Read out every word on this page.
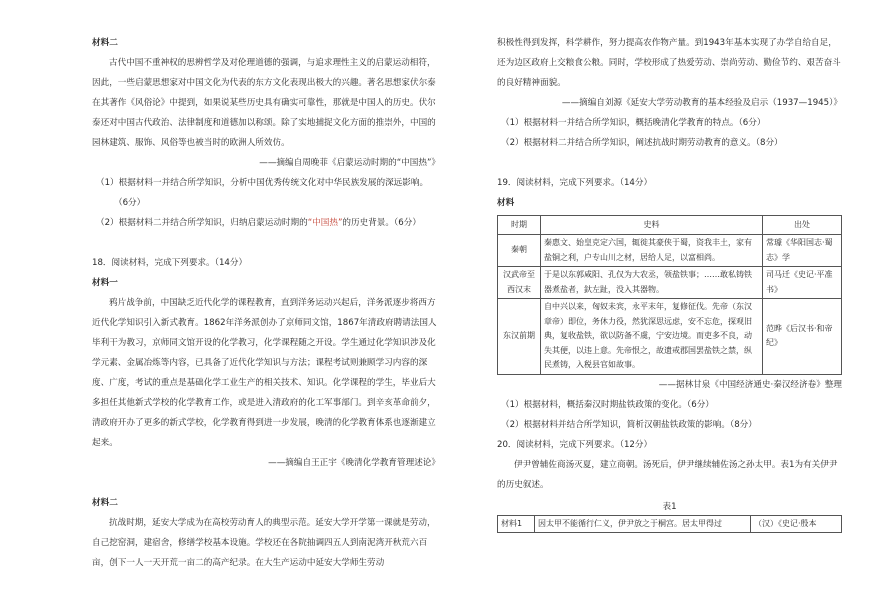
材料二

古代中国不重神权的思辨哲学及对伦理道德的强调，与追求理性主义的启蒙运动相符，因此，一些启蒙思想家对中国文化为代表的东方文化表现出极大的兴趣。著名思想家伏尔泰在其著作《风俗论》中提到，如果说某些历史具有确实可靠性，那就是中国人的历史。伏尔泰还对中国古代政治、法律制度和道德加以称颂。除了实地捕捉文化方面的推崇外，中国的园林建筑、服饰、风俗等也被当时的欧洲人所效仿。

——摘编自周晚菲《启蒙运动时期的“中国热”》

（1）根据材料一并结合所学知识，分析中国优秀传统文化对中华民族发展的深远影响。

（6分）

（2）根据材料二并结合所学知识，归纳启蒙运动时期的“中国热”的历史背景。（6分）

18．阅读材料，完成下列要求。（14分）

材料一

鸦片战争前，中国缺乏近代化学的课程教育，直到洋务运动兴起后，洋务派逐步将西方近代化学知识引入新式教育。1862年洋务派创办了京师同文馆，1867年清政府聘请法国人毕利干为教习，京师同文馆开设的化学教习，化学课程随之开设。学生通过化学知识涉及化学元素、金属冶炼等内容，已具备了近代化学知识与方法；课程考试则兼顾学习内容的深度、广度，考试的重点是基础化学工业生产的相关技术、知识。化学课程的学生，毕业后大多担任其他新式学校的化学教育工作，或是进入清政府的化工军事部门。到辛亥革命前夕，清政府开办了更多的新式学校，化学教育得到进一步发展，晚清的化学教育体系也逐渐建立起来。

——摘编自王正宇《晚清化学教育管理述论》

材料二

抗战时期，延安大学成为在高校劳动育人的典型示范。延安大学开学第一课就是劳动，自己挖窑洞，建宿舍，修缮学校基本设施。学校还在各院抽调四五人到南泥湾开秋荒六百亩，创下一人一天开荒一亩二的高产纪录。在大生产运动中延安大学师生劳动

积极性得到发挥，科学耕作，努力提高农作物产量。到1943年基本实现了办学自给自足，还为边区政府上交粮食公粮。同时，学校形成了热爱劳动、崇尚劳动、勤俭节约、艰苦奋斗的良好精神面貌。

——摘编自刘源《延安大学劳动教育的基本经验及启示（1937—1945）》

（1）根据材料一并结合所学知识，概括晚清化学教育的特点。（6分）

（2）根据材料二并结合所学知识，阐述抗战时期劳动教育的意义。（8分）

19．阅读材料，完成下列要求。（14分）

材料

时期	史料	出处
秦朝	秦惠文、始皇克定六国，辄徙其豪侠于蜀，资我丰土，家有盐铜之利，户专山川之材，居给人足，以富相尚。	常璩《华阳国志·蜀志》学
汉武帝至西汉末	于是以东郭咸阳、孔仅为大农丞，领盐铁事；……敢私铸铁器煮盐者，釱左趾，没入其器物。	司马迁《史记·平准书》
东汉前期	自中兴以来，匈奴未宾，永平末年，复修征伐。先帝（东汉章帝）即位，务休力役，然犹深思远虑，安不忘危，探观旧典，复收盐铁，欲以防备不虞，宁安边境。而吏多不良，动失其便，以违上意。先帝恨之，故遗戒郡国罢盐铁之禁，纵民煮铸，入税县官如故事。	范晔《后汉书·和帝纪》

——据林甘泉《中国经济通史·秦汉经济卷》整理

（1）根据材料，概括秦汉时期盐铁政策的变化。（6分）

（2）根据材料并结合所学知识，简析汉朝盐铁政策的影响。（8分）

20．阅读材料，完成下列要求。（12分）

伊尹曾辅佐商汤灭夏，建立商朝。汤死后，伊尹继续辅佐汤之孙太甲。表1为有关伊尹的历史叙述。

表1

材料1	因太甲不能循行仁义，伊尹放之于桐宫。居太甲得过	（汉）《史记·殷本
